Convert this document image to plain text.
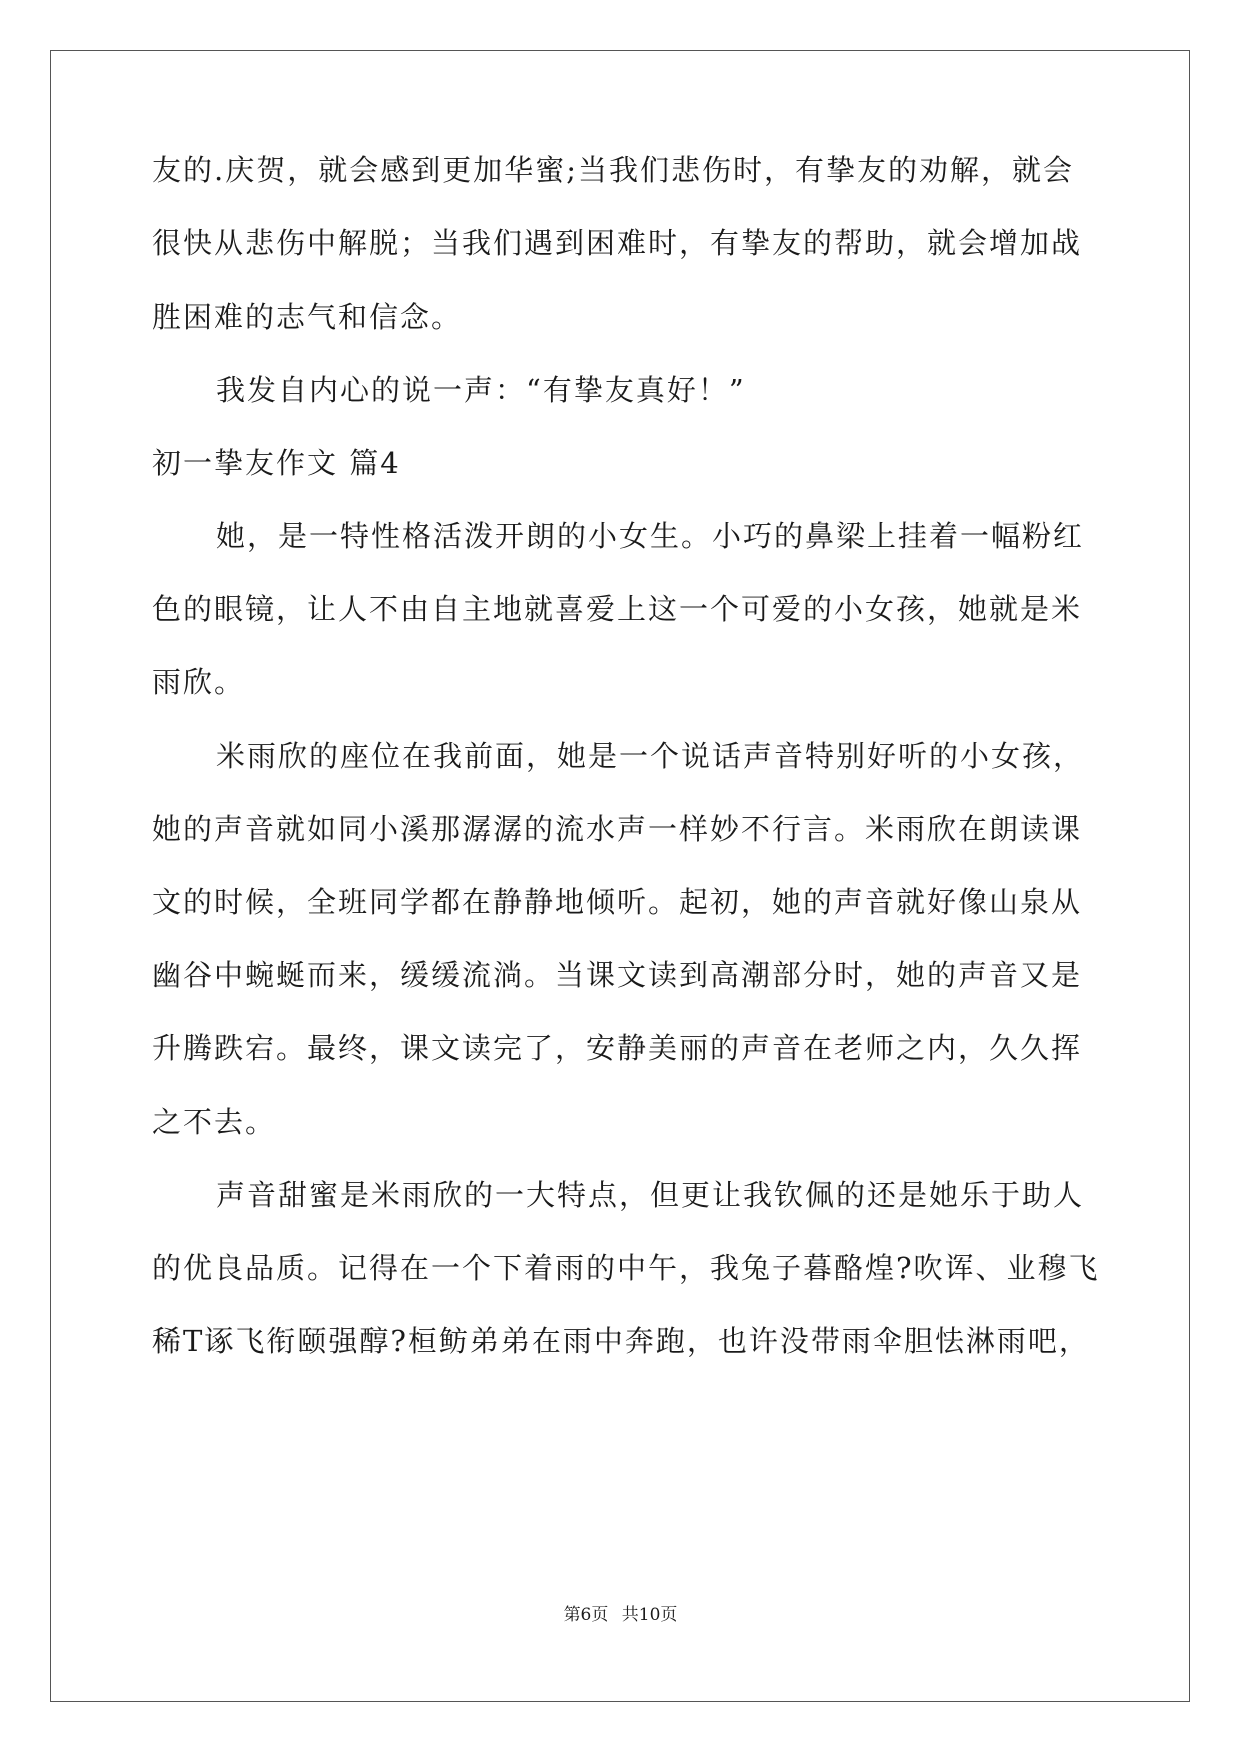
友的.庆贺，就会感到更加华蜜;当我们悲伤时，有挚友的劝解，就会
很快从悲伤中解脱；当我们遇到困难时，有挚友的帮助，就会增加战
胜困难的志气和信念。
我发自内心的说一声：“有挚友真好！”
初一挚友作文 篇4
她，是一特性格活泼开朗的小女生。小巧的鼻梁上挂着一幅粉红
色的眼镜，让人不由自主地就喜爱上这一个可爱的小女孩，她就是米
雨欣。
米雨欣的座位在我前面，她是一个说话声音特别好听的小女孩，
她的声音就如同小溪那潺潺的流水声一样妙不行言。米雨欣在朗读课
文的时候，全班同学都在静静地倾听。起初，她的声音就好像山泉从
幽谷中蜿蜒而来，缓缓流淌。当课文读到高潮部分时，她的声音又是
升腾跌宕。最终，课文读完了，安静美丽的声音在老师之内，久久挥
之不去。
声音甜蜜是米雨欣的一大特点，但更让我钦佩的还是她乐于助人
的优良品质。记得在一个下着雨的中午，我兔子暮酪煌?吹诨、业穆飞
稀T诼飞衔颐强醇?桓鲂弟弟在雨中奔跑，也许没带雨伞胆怯淋雨吧，
第6页 共10页
